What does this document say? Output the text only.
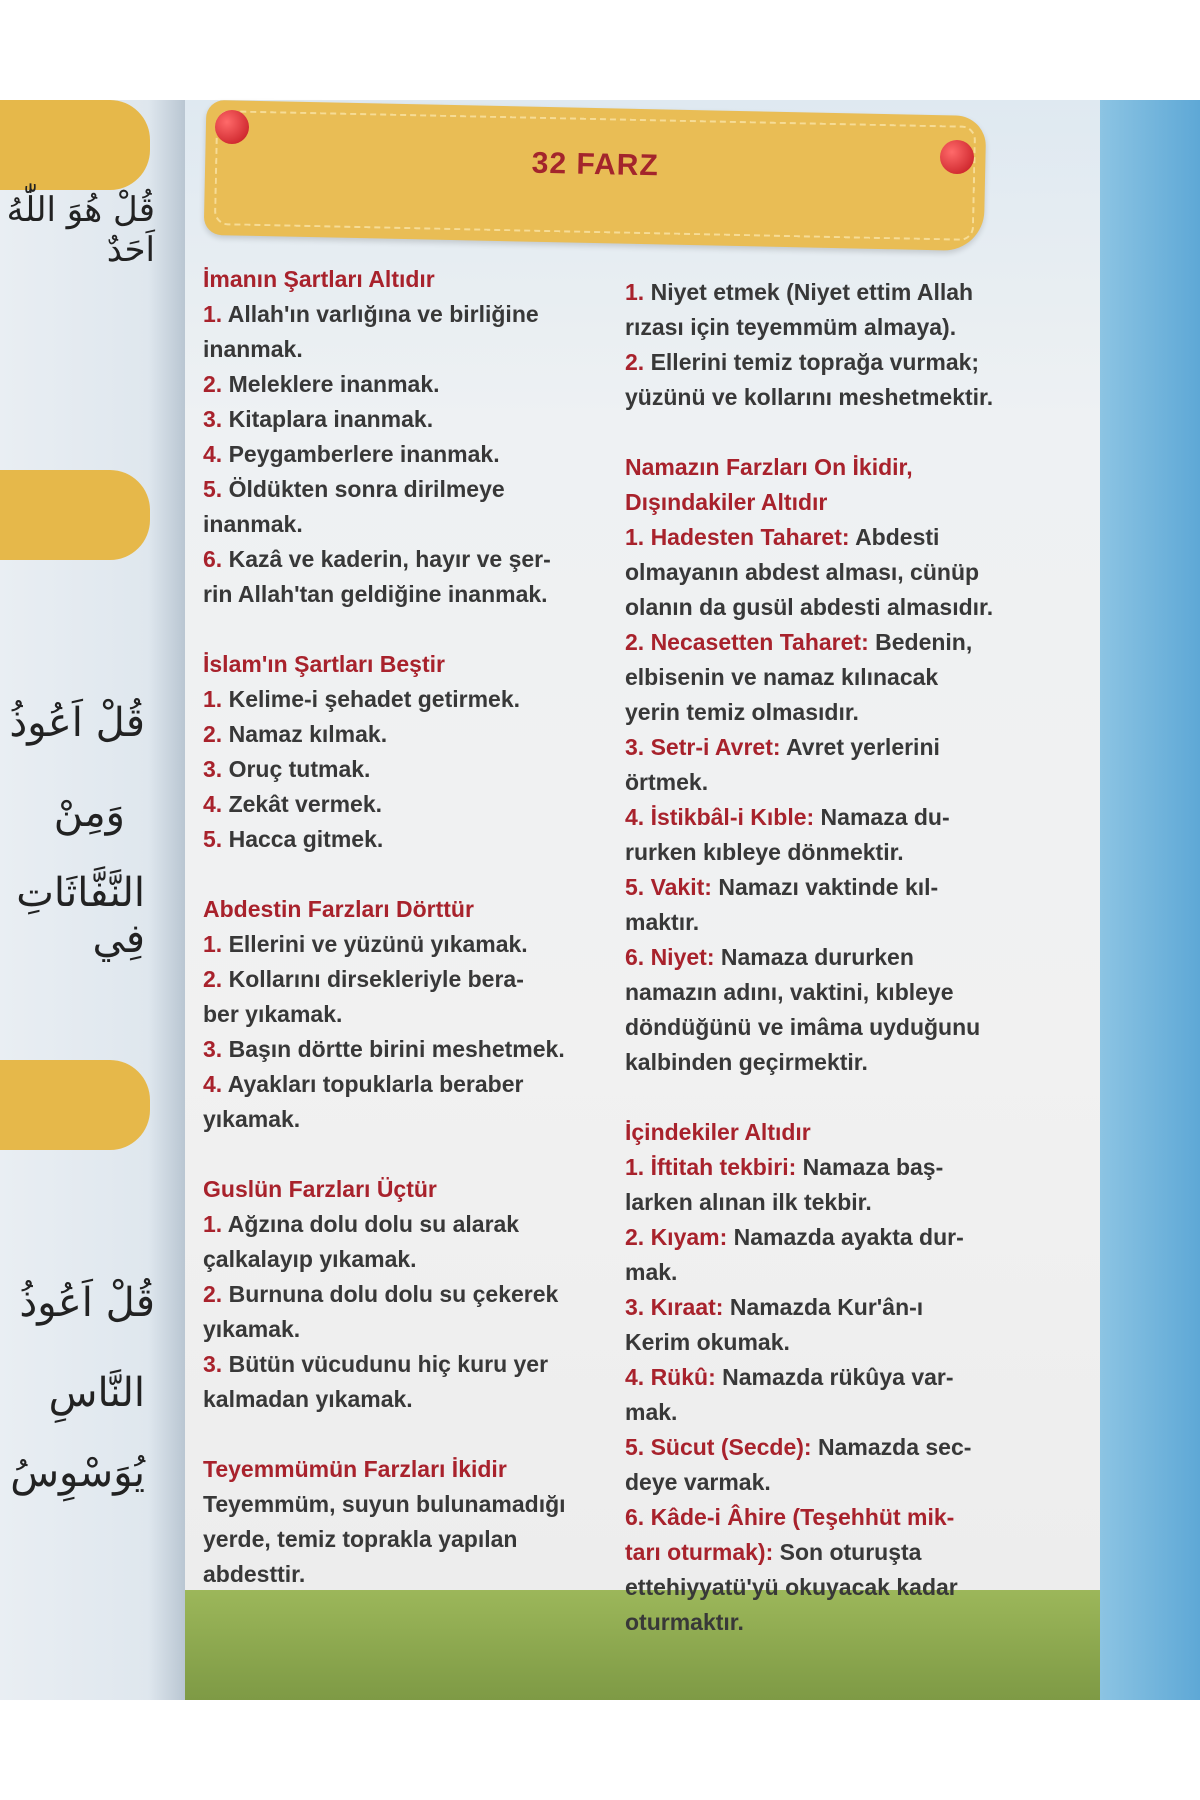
قُلْ هُوَ اللّٰهُ اَحَدٌ
قُلْ اَعُوذُ
وَمِنْ
النَّفَّاثَاتِ فِي
قُلْ اَعُوذُ
النَّاسِ
يُوَسْوِسُ
32 FARZ
İmanın Şartları Altıdır
1. Allah'ın varlığına ve birliğine
inanmak.
2. Meleklere inanmak.
3. Kitaplara inanmak.
4. Peygamberlere inanmak.
5. Öldükten sonra dirilmeye
inanmak.
6. Kazâ ve kaderin, hayır ve şer-
rin Allah'tan geldiğine inanmak.
İslam'ın Şartları Beştir
1. Kelime-i şehadet getirmek.
2. Namaz kılmak.
3. Oruç tutmak.
4. Zekât vermek.
5. Hacca gitmek.
Abdestin Farzları Dörttür
1. Ellerini ve yüzünü yıkamak.
2. Kollarını dirsekleriyle bera-
ber yıkamak.
3. Başın dörtte birini meshetmek.
4. Ayakları topuklarla beraber
yıkamak.
Guslün Farzları Üçtür
1. Ağzına dolu dolu su alarak
çalkalayıp yıkamak.
2. Burnuna dolu dolu su çekerek
yıkamak.
3. Bütün vücudunu hiç kuru yer
kalmadan yıkamak.
Teyemmümün Farzları İkidir
Teyemmüm, suyun bulunamadığı
yerde, temiz toprakla yapılan
abdesttir.
1. Niyet etmek (Niyet ettim Allah
rızası için teyemmüm almaya).
2. Ellerini temiz toprağa vurmak;
yüzünü ve kollarını meshetmektir.
Namazın Farzları On İkidir,
Dışındakiler Altıdır
1. Hadesten Taharet: Abdesti
olmayanın abdest alması, cünüp
olanın da gusül abdesti almasıdır.
2. Necasetten Taharet: Bedenin,
elbisenin ve namaz kılınacak
yerin temiz olmasıdır.
3. Setr-i Avret: Avret yerlerini
örtmek.
4. İstikbâl-i Kıble: Namaza du-
rurken kıbleye dönmektir.
5. Vakit: Namazı vaktinde kıl-
maktır.
6. Niyet: Namaza dururken
namazın adını, vaktini, kıbleye
döndüğünü ve imâma uyduğunu
kalbinden geçirmektir.
İçindekiler Altıdır
1. İftitah tekbiri: Namaza baş-
larken alınan ilk tekbir.
2. Kıyam: Namazda ayakta dur-
mak.
3. Kıraat: Namazda Kur'ân-ı
Kerim okumak.
4. Rükû: Namazda rükûya var-
mak.
5. Sücut (Secde): Namazda sec-
deye varmak.
6. Kâde-i Âhire (Teşehhüt mik-
tarı oturmak): Son oturuşta
ettehiyyatü'yü okuyacak kadar
oturmaktır.
